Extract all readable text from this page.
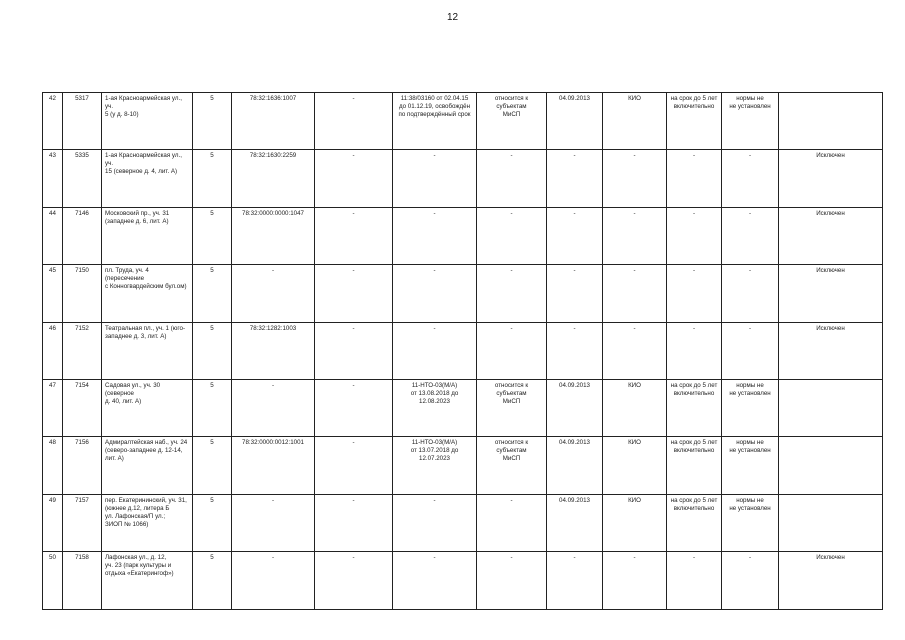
12
42	5317	1-ая Красноармейская ул., уч.
5 (у д. 8-10)	5	78:32:1636:1007	-	11:38/03160 от 02.04.15
до 01.12.19, освобождён
по подтверждённый срок	относится к субъектам
МиСП	04.09.2013	КИО	на срок до 5 лет
включительно	нормы не
не установлен	
43	5335	1-ая Красноармейская ул., уч.
15 (северное д. 4, лит. А)	5	78:32:1630:2259	-	-	-	-	-	-	-	Исключен
44	7146	Московский пр., уч. 31
(западнее д. 6, лит. А)	5	78:32:0000:0000:1047	-	-	-	-	-	-	-	Исключен
45	7150	пл. Труда, уч. 4 (пересечение
с Конногвардейским бул.ом)	5	-	-	-	-	-	-	-	-	Исключен
46	7152	Театральная пл., уч. 1 (юго-
западнее д. 3, лит. А)	5	78:32:1282:1003	-	-	-	-	-	-	-	Исключен
47	7154	Садовая ул., уч. 30 (северное
д. 40, лит. А)	5	-	-	11-НТО-03(М/А)
от 13.08.2018 до 12.08.2023	относится к субъектам
МиСП	04.09.2013	КИО	на срок до 5 лет
включительно	нормы не
не установлен	
48	7156	Адмиралтейская наб., уч. 24
(северо-западнее д. 12-14,
лит. А)	5	78:32:0000:0012:1001	-	11-НТО-03(М/А)
от 13.07.2018 до 12.07.2023	относится к субъектам
МиСП	04.09.2013	КИО	на срок до 5 лет
включительно	нормы не
не установлен	
49	7157	пер. Екатерининский, уч. 31,
(южнее д.12, литера Б
ул. Лафонская/П ул.;
ЗИОП № 1066)	5	-	-	-	-	04.09.2013	КИО	на срок до 5 лет
включительно	нормы не
не установлен	
50	7158	Лафонская ул., д. 12,
уч. 23 (парк культуры и
отдыха «Екатерингоф»)	5	-	-	-	-	-	-	-	-	Исключен
